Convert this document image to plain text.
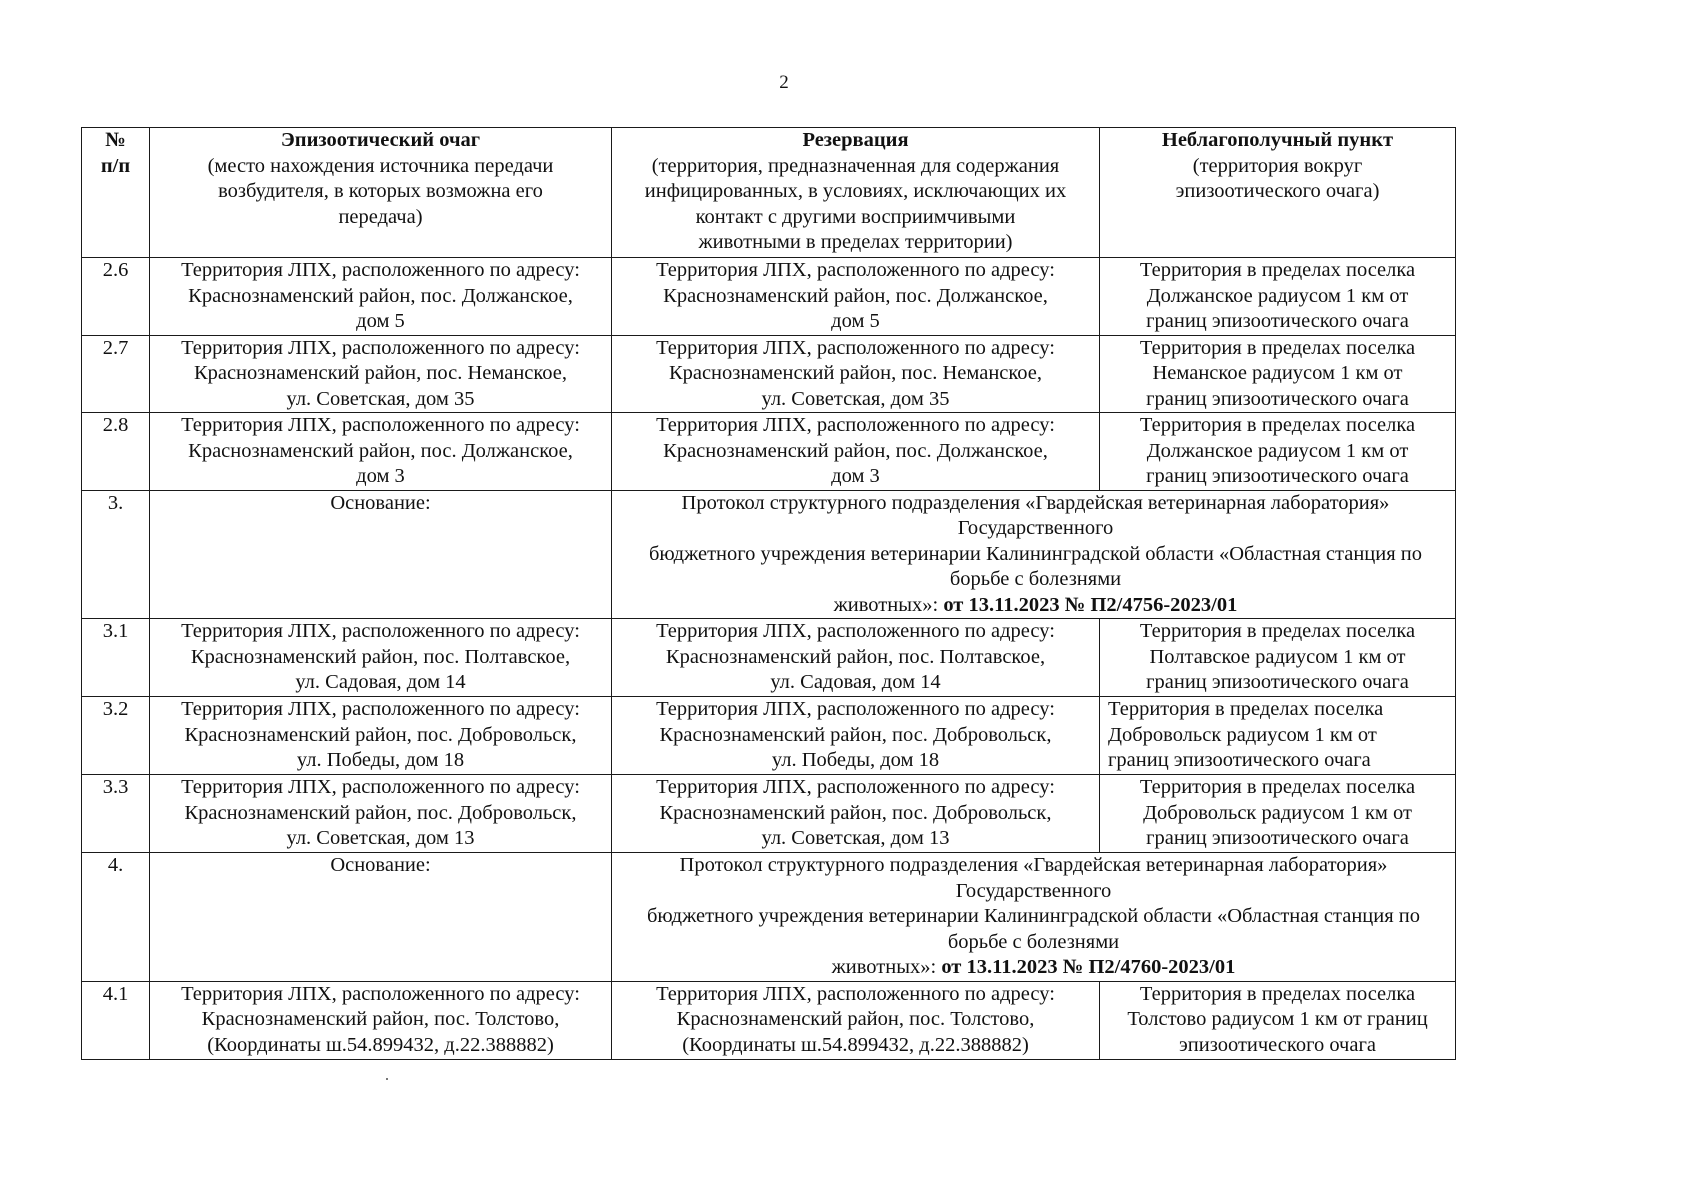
2
№
п/п	Эпизоотический очаг
(место нахождения источника передачи
возбудителя, в которых возможна его
передача)	Резервация
(территория, предназначенная для содержания
инфицированных, в условиях, исключающих их
контакт с другими восприимчивыми
животными в пределах территории)	Неблагополучный пункт
(территория вокруг
эпизоотического очага)

2.6	Территория ЛПХ, расположенного по адресу:
Краснознаменский район, пос. Должанское,
дом 5	Территория ЛПХ, расположенного по адресу:
Краснознаменский район, пос. Должанское,
дом 5	Территория в пределах поселка
Должанское радиусом 1 км от
границ эпизоотического очага

2.7	Территория ЛПХ, расположенного по адресу:
Краснознаменский район, пос. Неманское,
ул. Советская, дом 35	Территория ЛПХ, расположенного по адресу:
Краснознаменский район, пос. Неманское,
ул. Советская, дом 35	Территория в пределах поселка
Неманское радиусом 1 км от
границ эпизоотического очага

2.8	Территория ЛПХ, расположенного по адресу:
Краснознаменский район, пос. Должанское,
дом 3	Территория ЛПХ, расположенного по адресу:
Краснознаменский район, пос. Должанское,
дом 3	Территория в пределах поселка
Должанское радиусом 1 км от
границ эпизоотического очага

3.	Основание:	Протокол структурного подразделения «Гвардейская ветеринарная лаборатория» Государственного
бюджетного учреждения ветеринарии Калининградской области «Областная станция по борьбе с болезнями
животных»: от 13.11.2023 № П2/4756-2023/01	

3.1	Территория ЛПХ, расположенного по адресу:
Краснознаменский район, пос. Полтавское,
ул. Садовая, дом 14	Территория ЛПХ, расположенного по адресу:
Краснознаменский район, пос. Полтавское,
ул. Садовая, дом 14	Территория в пределах поселка
Полтавское радиусом 1 км от
границ эпизоотического очага

3.2	Территория ЛПХ, расположенного по адресу:
Краснознаменский район, пос. Добровольск,
ул. Победы, дом 18	Территория ЛПХ, расположенного по адресу:
Краснознаменский район, пос. Добровольск,
ул. Победы, дом 18	Территория в пределах поселка
Добровольск радиусом 1 км от
границ эпизоотического очага

3.3	Территория ЛПХ, расположенного по адресу:
Краснознаменский район, пос. Добровольск,
ул. Советская, дом 13	Территория ЛПХ, расположенного по адресу:
Краснознаменский район, пос. Добровольск,
ул. Советская, дом 13	Территория в пределах поселка
Добровольск радиусом 1 км от
границ эпизоотического очага

4.	Основание:	Протокол структурного подразделения «Гвардейская ветеринарная лаборатория» Государственного
бюджетного учреждения ветеринарии Калининградской области «Областная станция по борьбе с болезнями
животных»: от 13.11.2023 № П2/4760-2023/01	

4.1	Территория ЛПХ, расположенного по адресу:
Краснознаменский район, пос. Толстово,
(Координаты ш.54.899432, д.22.388882)	Территория ЛПХ, расположенного по адресу:
Краснознаменский район, пос. Толстово,
(Координаты ш.54.899432, д.22.388882)	Территория в пределах поселка
Толстово радиусом 1 км от границ
эпизоотического очага
